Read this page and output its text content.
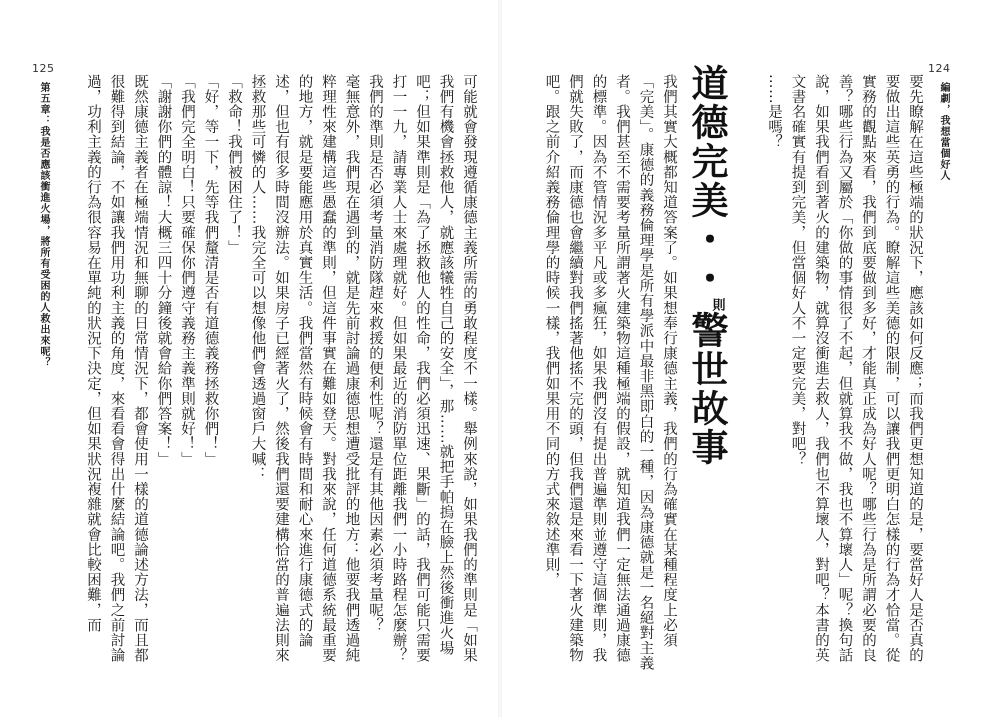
125
第五章：我是否應該衝進火場，將所有受困的人救出來呢？	可能就會發現遵循康德主義所需的勇敢程度不一樣。舉例來說，如果我們的準則是「如果我們有機會拯救他人，就應該犧牲自己的安全」，那……就把手帕摀在臉上然後衝進火場吧；但如果準則是「為了拯救他人的性命，我們必須迅速、果斷」的話，我們可能只需要打一一九，請專業人士來處理就好。但如果最近的消防單位距離我們一小時路程怎麼辦？我們的準則是否必須考量消防隊趕來救援的便利性呢？還是有其他因素必須考量呢？

毫無意外，我們現在遇到的，就是先前討論過康德思想遭受批評的地方：他要我們透過純粹理性來建構這些愚蠢的準則，但這件事實在難如登天。對我來說，任何道德系統最重要的地方，就是要能應用於真實生活。我們當然有時候會有時間和耐心來進行康德式的論述，但也有很多時間沒辦法。如果房子已經著火了，然後我們還要建構恰當的普遍法則來拯救那些可憐的人……我完全可以想像他們會透過窗戶大喊：

「救命！我們被困住了！」

「好，等一下，先等我們釐清是否有道德義務拯救你們！」

「我們完全明白！只要確保你們遵守義務主義準則就好！」

「謝謝你們的體諒！大概三四十分鐘後就會給你們答案！」

既然康德主義者在極端情況和無聊的日常情況下，都會使用一樣的道德論述方法，而且都很難得到結論，不如讓我們用功利主義的角度，來看看會得出什麼結論吧。我們之前討論過，功利主義的行為很容易在單純的狀況下決定，但如果狀況複雜就會比較困難，而

124
編劇，我想當個好人

要先瞭解在這些極端的狀況下，應該如何反應；而我們更想知道的是，要當好人是否真的要做出這些英勇的行為。瞭解這些美德的限制，可以讓我們更明白怎樣的行為才恰當。從實務的觀點來看，我們到底要做到多好，才能真正成為好人呢？哪些行為是所謂必要的良善？哪些行為又屬於「你做的事情很了不起，但就算我不做，我也不算壞人」呢？換句話說，如果我們看到著火的建築物，就算沒衝進去救人，我們也不算壞人，對吧？本書的英文書名確實有提到完美，但當個好人不一定要完美，對吧？

……是嗎？

道德完美・・則警世故事

我們其實大概都知道答案了。如果想奉行康德主義，我們的行為確實在某種程度上必須「完美」。康德的義務倫理學是所有學派中最非黑即白的一種，因為康德就是一名絕對主義者。我們甚至不需要考量所謂著火建築物這種極端的假設，就知道我們一定無法通過康德的標準。因為不管情況多平凡或多瘋狂，如果我們沒有提出普遍準則並遵守這個準則，我們就失敗了，而康德也會繼續對我們搖著他搖不完的頭，但我們還是來看一下著火建築物吧。跟之前介紹義務倫理學的時候一樣，我們如果用不同的方式來敘述準則，
